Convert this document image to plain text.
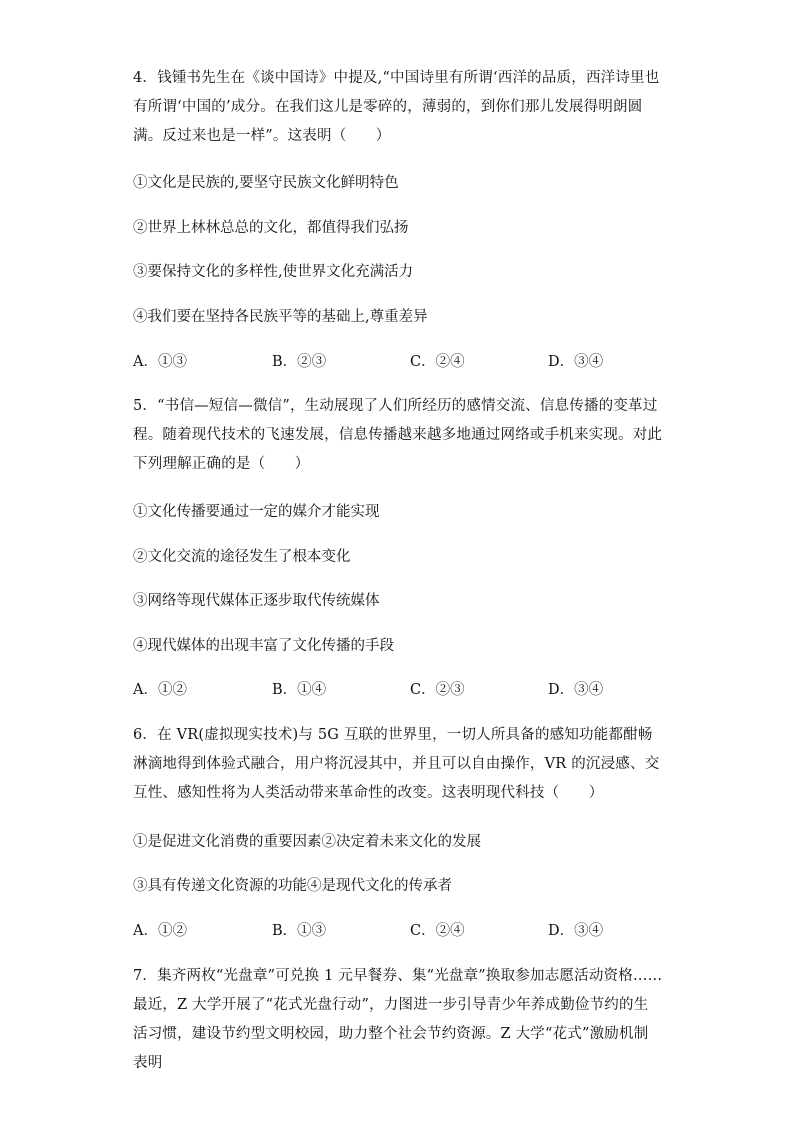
4．钱锺书先生在《谈中国诗》中提及,“中国诗里有所谓‘西洋的品质，西洋诗里也有所谓‘中国的’成分。在我们这儿是零碎的，薄弱的，到你们那儿发展得明朗圆满。反过来也是一样”。这表明（　　）
①文化是民族的,要坚守民族文化鲜明特色
②世界上林林总总的文化，都值得我们弘扬
③要保持文化的多样性,使世界文化充满活力
④我们要在坚持各民族平等的基础上,尊重差异
A．①③	B．②③	C．②④	D．③④
5．“书信—短信—微信”，生动展现了人们所经历的感情交流、信息传播的变革过程。随着现代技术的飞速发展，信息传播越来越多地通过网络或手机来实现。对此下列理解正确的是（　　）
①文化传播要通过一定的媒介才能实现
②文化交流的途径发生了根本变化
③网络等现代媒体正逐步取代传统媒体
④现代媒体的出现丰富了文化传播的手段
A．①②	B．①④	C．②③	D．③④
6．在 VR(虚拟现实技术)与 5G 互联的世界里，一切人所具备的感知功能都酣畅淋滴地得到体验式融合，用户将沉浸其中，并且可以自由操作，VR 的沉浸感、交互性、感知性将为人类活动带来革命性的改变。这表明现代科技（　　）
①是促进文化消费的重要因素②决定着未来文化的发展
③具有传递文化资源的功能④是现代文化的传承者
A．①②	B．①③	C．②④	D．③④
7．集齐两枚“光盘章”可兑换 1 元早餐券、集“光盘章”换取参加志愿活动资格……最近，Z 大学开展了“花式光盘行动”，力图进一步引导青少年养成勤俭节约的生活习惯，建设节约型文明校园，助力整个社会节约资源。Z 大学“花式”激励机制表明
